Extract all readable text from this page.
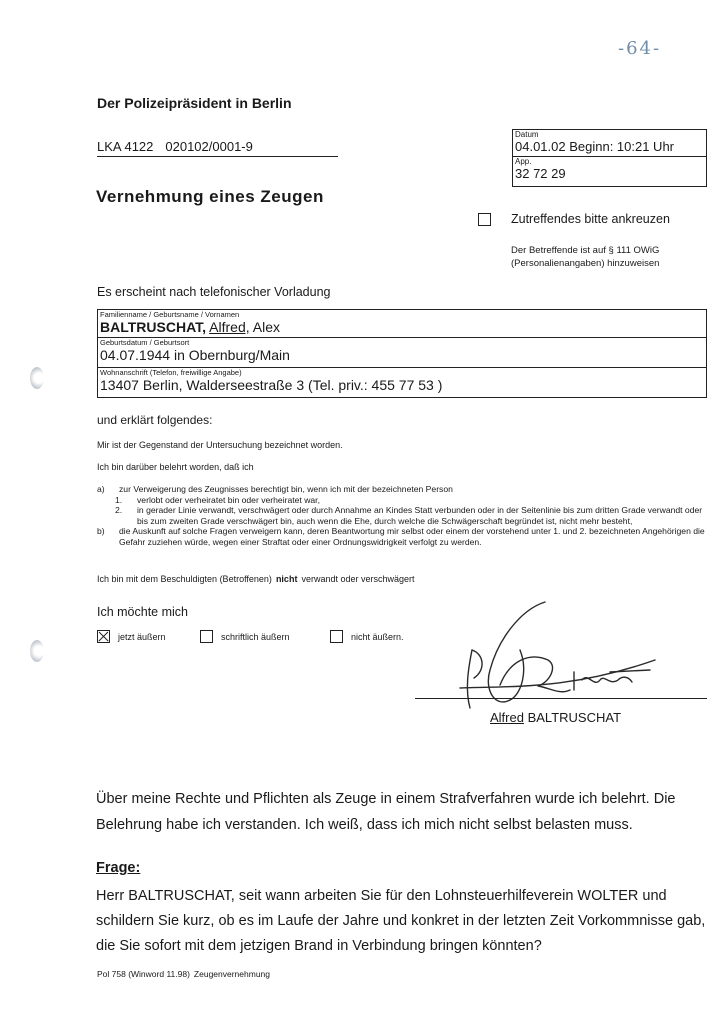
-64-
Der Polizeipräsident in Berlin
LKA 4122 020102/0001-9
Datum
04.01.02 Beginn: 10:21 Uhr
App.
32 72 29
Vernehmung eines Zeugen
Zutreffendes bitte ankreuzen
Der Betreffende ist auf § 111 OWiG (Personalienangaben) hinzuweisen
Es erscheint nach telefonischer Vorladung
Familienname / Geburtsname / Vornamen
BALTRUSCHAT, Alfred, Alex
Geburtsdatum / Geburtsort
04.07.1944 in Obernburg/Main
Wohnanschrift (Telefon, freiwillige Angabe)
13407 Berlin, Walderseestraße 3 (Tel. priv.: 455 77 53 )
und erklärt folgendes:
Mir ist der Gegenstand der Untersuchung bezeichnet worden.
Ich bin darüber belehrt worden, daß ich
a) zur Verweigerung des Zeugnisses berechtigt bin, wenn ich mit der bezeichneten Person
1. verlobt oder verheiratet bin oder verheiratet war,
2. in gerader Linie verwandt, verschwägert oder durch Annahme an Kindes Statt verbunden oder in der Seitenlinie bis zum dritten Grade verwandt oder bis zum zweiten Grade verschwägert bin, auch wenn die Ehe, durch welche die Schwägerschaft begründet ist, nicht mehr besteht,
b) die Auskunft auf solche Fragen verweigern kann, deren Beantwortung mir selbst oder einem der vorstehend unter 1. und 2. bezeichneten Angehörigen die Gefahr zuziehen würde, wegen einer Straftat oder einer Ordnungswidrigkeit verfolgt zu werden.
Ich bin mit dem Beschuldigten (Betroffenen) nicht verwandt oder verschwägert
Ich möchte mich
jetzt äußern	schriftlich äußern	nicht äußern.
Alfred BALTRUSCHAT
Über meine Rechte und Pflichten als Zeuge in einem Strafverfahren wurde ich belehrt. Die Belehrung habe ich verstanden. Ich weiß, dass ich mich nicht selbst belasten muss.
Frage:
Herr BALTRUSCHAT, seit wann arbeiten Sie für den Lohnsteuerhilfeverein WOLTER und schildern Sie kurz, ob es im Laufe der Jahre und konkret in der letzten Zeit Vorkommnisse gab, die Sie sofort mit dem jetzigen Brand in Verbindung bringen könnten?
Pol 758 (Winword 11.98) Zeugenvernehmung
